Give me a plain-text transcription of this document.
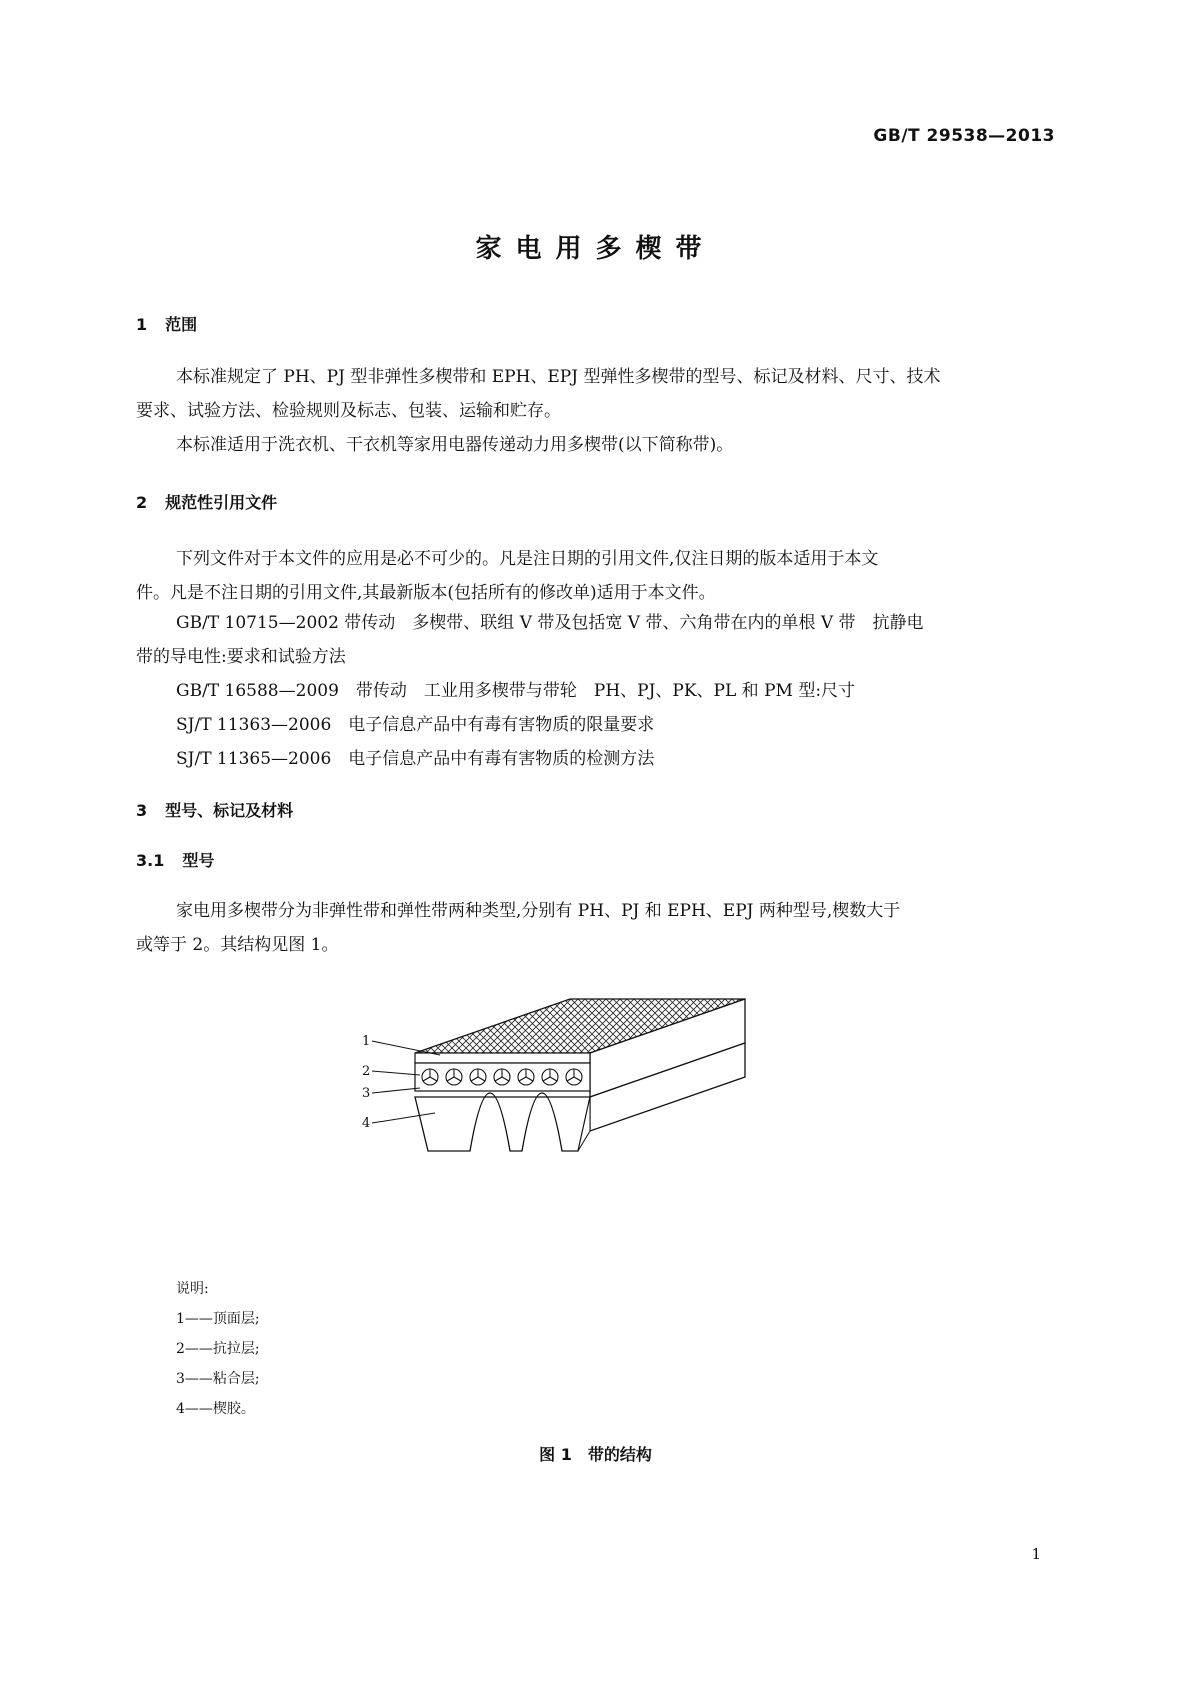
GB/T 29538—2013
家电用多楔带
1 范围
本标准规定了 PH、PJ 型非弹性多楔带和 EPH、EPJ 型弹性多楔带的型号、标记及材料、尺寸、技术
要求、试验方法、检验规则及标志、包装、运输和贮存。
本标准适用于洗衣机、干衣机等家用电器传递动力用多楔带(以下简称带)。
2 规范性引用文件
下列文件对于本文件的应用是必不可少的。凡是注日期的引用文件,仅注日期的版本适用于本文
件。凡是不注日期的引用文件,其最新版本(包括所有的修改单)适用于本文件。
GB/T 10715—2002 带传动　多楔带、联组 V 带及包括宽 V 带、六角带在内的单根 V 带　抗静电
带的导电性:要求和试验方法
GB/T 16588—2009　带传动　工业用多楔带与带轮　PH、PJ、PK、PL 和 PM 型:尺寸
SJ/T 11363—2006　电子信息产品中有毒有害物质的限量要求
SJ/T 11365—2006　电子信息产品中有毒有害物质的检测方法
3 型号、标记及材料
3.1 型号
家电用多楔带分为非弹性带和弹性带两种类型,分别有 PH、PJ 和 EPH、EPJ 两种型号,楔数大于
或等于 2。其结构见图 1。
1
2
3
4
说明:
1——顶面层;
2——抗拉层;
3——粘合层;
4——楔胶。
图 1 带的结构
1
